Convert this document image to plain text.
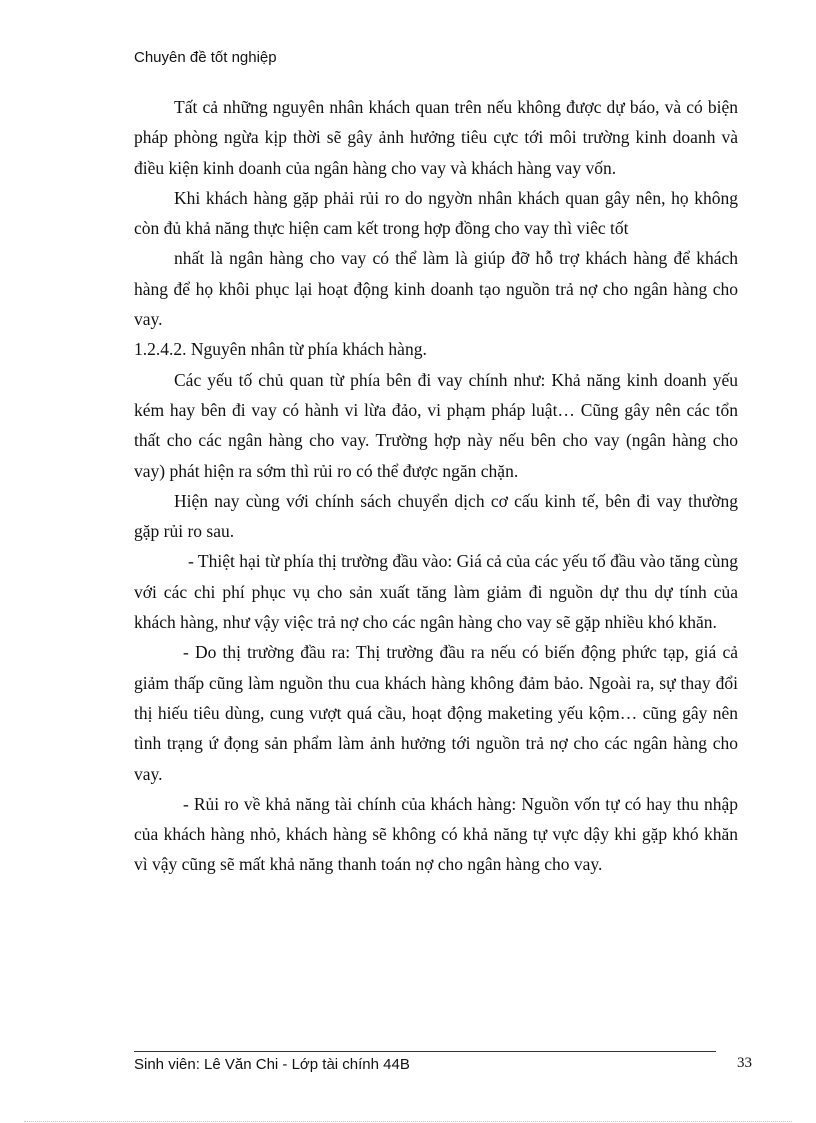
Chuyên đề tốt nghiệp

Tất cả những nguyên nhân khách quan trên nếu không được dự báo, và có biện pháp phòng ngừa kịp thời sẽ gây ảnh hưởng tiêu cực tới môi trường kinh doanh và điều kiện kinh doanh của ngân hàng cho vay và khách hàng vay vốn.

Khi khách hàng gặp phải rủi ro do ngyờn nhân khách quan gây nên, họ không còn đủ khả năng thực hiện cam kết trong hợp đồng cho vay thì viêc tốt

nhất là ngân hàng cho vay có thể làm là giúp đỡ hỗ trợ khách hàng để khách hàng để họ khôi phục lại hoạt động kinh doanh tạo nguồn trả nợ cho ngân hàng cho vay.

1.2.4.2. Nguyên nhân từ phía khách hàng.

Các yếu tố chủ quan từ phía bên đi vay chính như: Khả năng kinh doanh yếu kém hay bên đi vay có hành vi lừa đảo, vi phạm pháp luật… Cũng gây nên các tổn thất cho các ngân hàng cho vay. Trường hợp này nếu bên cho vay (ngân hàng cho vay) phát hiện ra sớm thì rủi ro có thể được ngăn chặn.

Hiện nay cùng với chính sách chuyển dịch cơ cấu kinh tế, bên đi vay thường gặp rủi ro sau.

- Thiệt hại từ phía thị trường đầu vào: Giá cả của các yếu tố đầu vào tăng cùng với các chi phí phục vụ cho sản xuất tăng làm giảm đi nguồn dự thu dự tính của khách hàng, như vậy việc trả nợ cho các ngân hàng cho vay sẽ gặp nhiều khó khăn.

- Do thị trường đầu ra: Thị trường đầu ra nếu có biến động phức tạp, giá cả giảm thấp cũng làm nguồn thu cua khách hàng không đảm bảo. Ngoài ra, sự thay đổi thị hiếu tiêu dùng, cung vượt quá cầu, hoạt động maketing yếu kộm… cũng gây nên tình trạng ứ đọng sản phẩm làm ảnh hưởng tới nguồn trả nợ cho các ngân hàng cho vay.

- Rủi ro về khả năng tài chính của khách hàng: Nguồn vốn tự có hay thu nhập của khách hàng nhỏ, khách hàng sẽ không có khả năng tự vực dậy khi gặp khó khăn vì vậy cũng sẽ mất khả năng thanh toán nợ cho ngân hàng cho vay.

Sinh viên: Lê Văn Chi - Lớp tài chính 44B	33
